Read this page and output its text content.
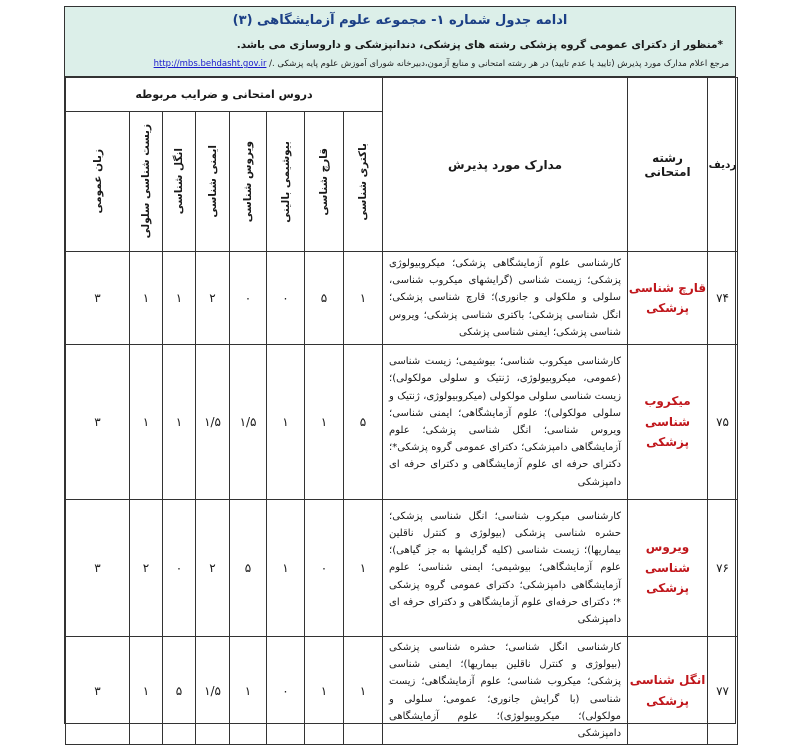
ادامه جدول شماره ۱- مجموعه علوم آزمایشگاهی (۳)
*منظور از دکترای عمومی گروه پزشکی رشته های پزشکی، دندانپزشکی و داروسازی می باشد.
مرجع اعلام مدارک مورد پذیرش (تایید یا عدم تایید) در هر رشته امتحانی و منابع آزمون،دبیرخانه شورای آموزش علوم پایه پزشکی ./ http://mbs.behdasht.gov.ir
ردیف	رشته امتحانی	مدارک مورد پذیرش	دروس امتحانی و ضرایب مربوطه							

			باکتری شناسی	قارچ شناسی	بیوشیمی بالینی	ویروس شناسی	ایمنی شناسی	انگل شناسی	زیست شناسی سلولی	زبان عمومی

۷۴	قارچ شناسی پزشکی	کارشناسی علوم آزمایشگاهی پزشکی؛ میکروبیولوژی پزشکی؛ زیست شناسی (گرایشهای میکروب شناسی، سلولی و ملکولی و جانوری)؛ قارچ شناسی پزشکی؛ انگل شناسی پزشکی؛ باکتری شناسی پزشکی؛ ویروس شناسی پزشکی؛ ایمنی شناسی پزشکی	۱	۵	۰	۰	۲	۱	۱	۳
۷۵	میکروب شناسی پزشکی	کارشناسی میکروب شناسی؛ بیوشیمی؛ زیست شناسی (عمومی، میکروبیولوژی، ژنتیک و سلولی مولکولی)؛ زیست شناسی سلولی مولکولی (میکروبیولوژی، ژنتیک و سلولی مولکولی)؛ علوم آزمایشگاهی؛ ایمنی شناسی؛ ویروس شناسی؛ انگل شناسی پزشکی؛ علوم آزمایشگاهی دامپزشکی؛ دکترای عمومی گروه پزشکی*؛ دکترای حرفه ای علوم آزمایشگاهی و دکترای حرفه ای دامپزشکی	۵	۱	۱	۱/۵	۱/۵	۱	۱	۳
۷۶	ویروس شناسی پزشکی	کارشناسی میکروب شناسی؛ انگل شناسی پزشکی؛ حشره شناسی پزشکی (بیولوژی و کنترل ناقلین بیماریها)؛ زیست شناسی (کلیه گرایشها به جز گیاهی)؛ علوم آزمایشگاهی؛ بیوشیمی؛ ایمنی شناسی؛ علوم آزمایشگاهی دامپزشکی؛ دکترای عمومی گروه پزشکی *؛ دکترای حرفه‌ای علوم آزمایشگاهی و دکترای حرفه ای دامپزشکی	۱	۰	۱	۵	۲	۰	۲	۳
۷۷	انگل شناسی پزشکی	کارشناسی انگل شناسی؛ حشره شناسی پزشکی (بیولوژی و کنترل ناقلین بیماریها)؛ ایمنی شناسی پزشکی؛ میکروب شناسی؛ علوم آزمایشگاهی؛ زیست شناسی (با گرایش جانوری؛ عمومی؛ سلولی و مولکولی)؛ میکروبیولوژی)؛ علوم آزمایشگاهی دامپزشکی	۱	۱	۰	۱	۱/۵	۵	۱	۳
